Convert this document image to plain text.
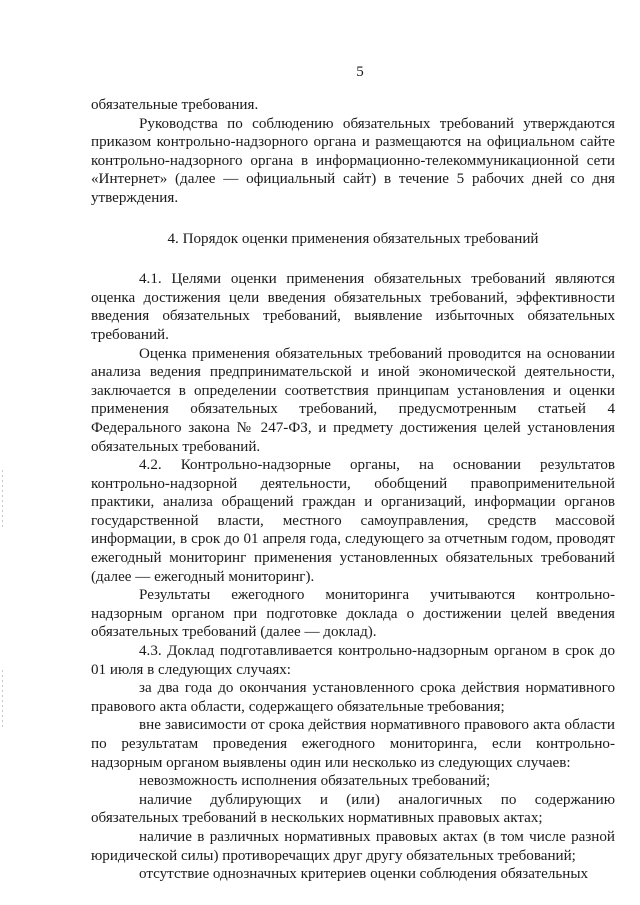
5

обязательные требования.

Руководства по соблюдению обязательных требований утверждаются приказом контрольно-надзорного органа и размещаются на официальном сайте контрольно-надзорного органа в информационно-телекоммуникационной сети «Интернет» (далее — официальный сайт) в течение 5 рабочих дней со дня утверждения.

4. Порядок оценки применения обязательных требований

4.1. Целями оценки применения обязательных требований являются оценка достижения цели введения обязательных требований, эффективности введения обязательных требований, выявление избыточных обязательных требований.

Оценка применения обязательных требований проводится на основании анализа ведения предпринимательской и иной экономической деятельности, заключается в определении соответствия принципам установления и оценки применения обязательных требований, предусмотренным статьей 4 Федерального закона № 247-ФЗ, и предмету достижения целей установления обязательных требований.

4.2. Контрольно-надзорные органы, на основании результатов контрольно-надзорной деятельности, обобщений правоприменительной практики, анализа обращений граждан и организаций, информации органов государственной власти, местного самоуправления, средств массовой информации, в срок до 01 апреля года, следующего за отчетным годом, проводят ежегодный мониторинг применения установленных обязательных требований (далее — ежегодный мониторинг).

Результаты ежегодного мониторинга учитываются контрольно-надзорным органом при подготовке доклада о достижении целей введения обязательных требований (далее — доклад).

4.3. Доклад подготавливается контрольно-надзорным органом в срок до 01 июля в следующих случаях:

за два года до окончания установленного срока действия нормативного правового акта области, содержащего обязательные требования;

вне зависимости от срока действия нормативного правового акта области по результатам проведения ежегодного мониторинга, если контрольно-надзорным органом выявлены один или несколько из следующих случаев:

невозможность исполнения обязательных требований;

наличие дублирующих и (или) аналогичных по содержанию обязательных требований в нескольких нормативных правовых актах;

наличие в различных нормативных правовых актах (в том числе разной юридической силы) противоречащих друг другу обязательных требований;

отсутствие однозначных критериев оценки соблюдения обязательных
